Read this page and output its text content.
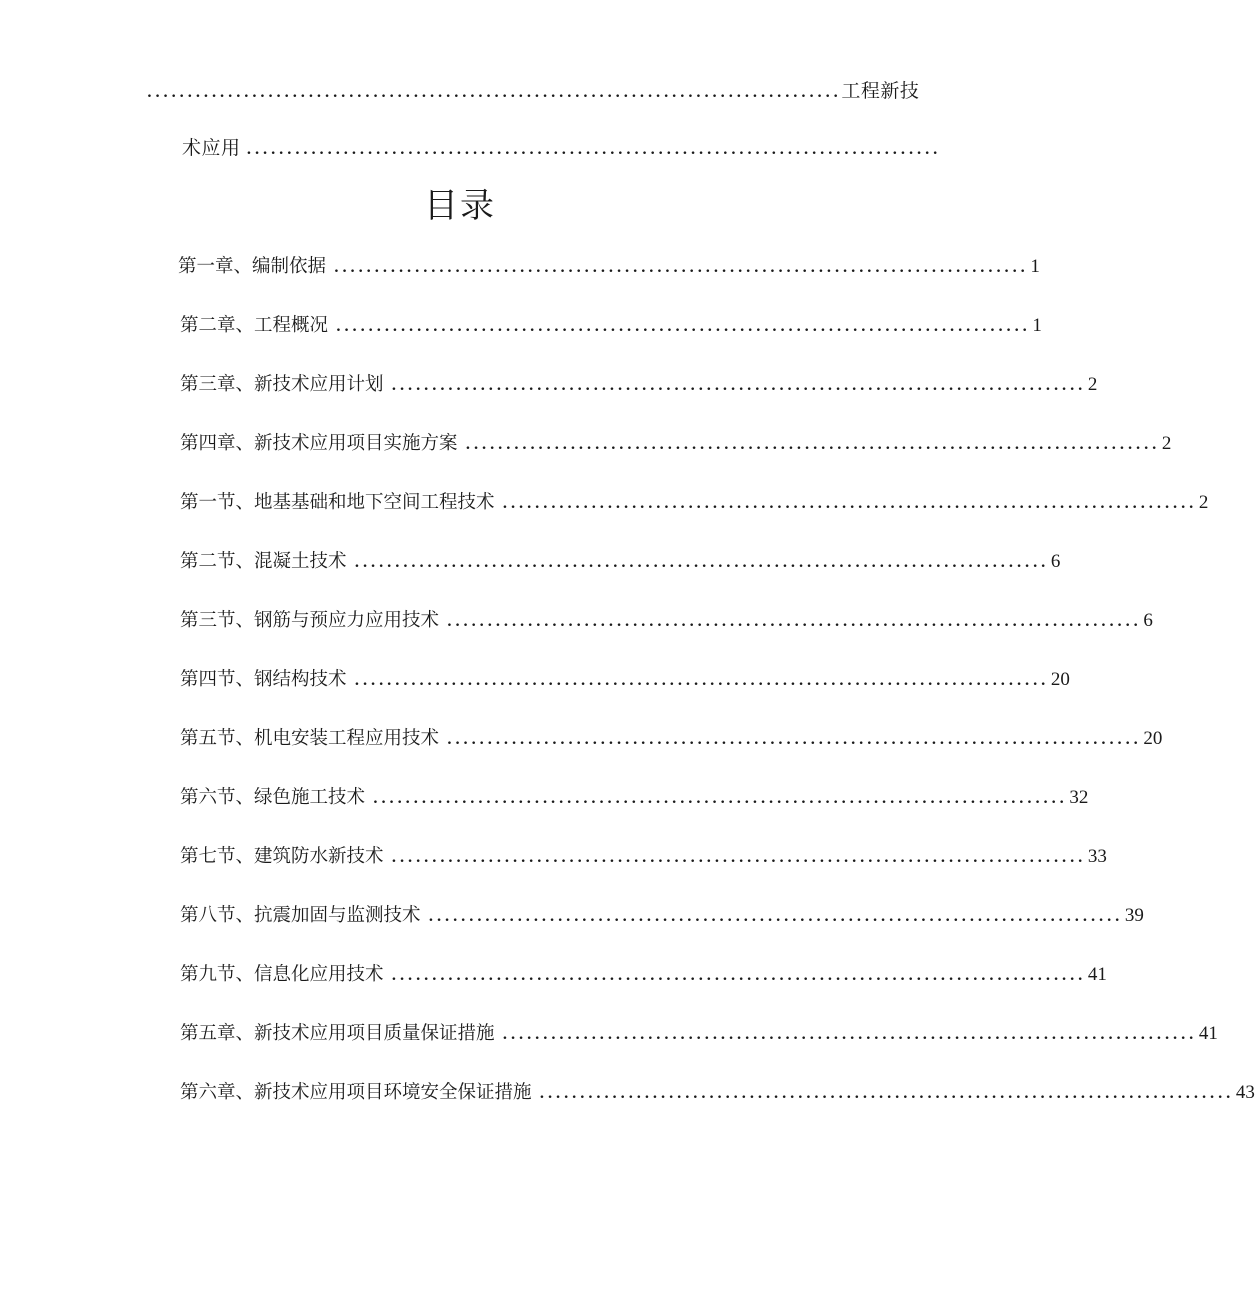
...................................................................................... 工程新技
术应用 ......................................................................................
目录
第一章、编制依据 ...................................................................................... 1
第二章、工程概况 ...................................................................................... 1
第三章、新技术应用计划 ...................................................................................... 2
第四章、新技术应用项目实施方案 ...................................................................................... 2
第一节、地基基础和地下空间工程技术 ...................................................................................... 2
第二节、混凝土技术 ...................................................................................... 6
第三节、钢筋与预应力应用技术 ...................................................................................... 6
第四节、钢结构技术 ...................................................................................... 20
第五节、机电安装工程应用技术 ...................................................................................... 20
第六节、绿色施工技术 ...................................................................................... 32
第七节、建筑防水新技术 ...................................................................................... 33
第八节、抗震加固与监测技术 ...................................................................................... 39
第九节、信息化应用技术 ...................................................................................... 41
第五章、新技术应用项目质量保证措施 ...................................................................................... 41
第六章、新技术应用项目环境安全保证措施 ...................................................................................... 43
